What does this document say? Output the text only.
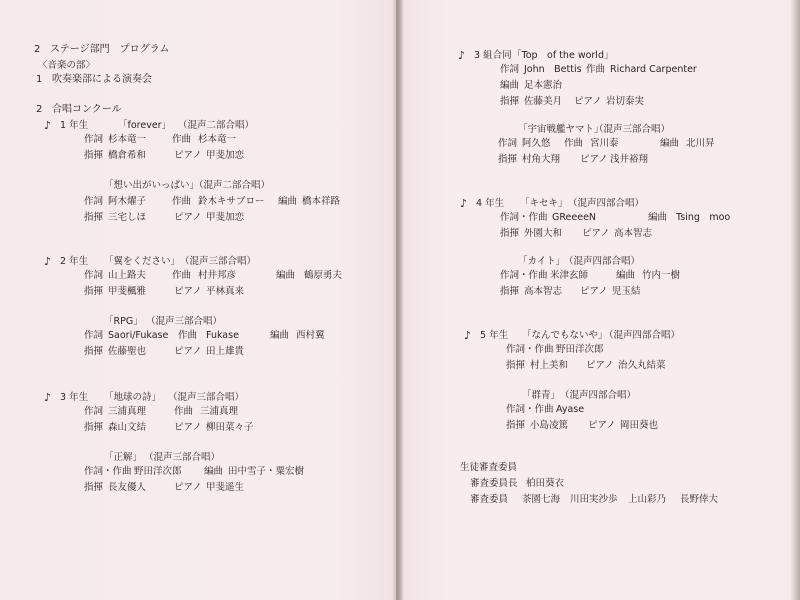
2 ステージ部門　プログラム
〈音楽の部〉
1 吹奏楽部による演奏会
2 合唱コンクール
♪ 1 年生	「forever」 （混声二部合唱）
作詞 杉本竜一	作曲 杉本竜一
指揮 橋倉希和	ピアノ 甲斐加恋
「想い出がいっぱい」
（混声二部合唱）
作詞 阿木燿子	作曲 鈴木キサブロー 編曲 橋本祥路
指揮 三宅しほ	ピアノ 甲斐加恋
♪ 2 年生 「翼をください」 （混声三部合唱）
作詞 山上路夫	作曲 村井邦彦	編曲 鶴原勇夫
指揮 甲斐楓雅	ピアノ 平林真来
「RPG」 （混声三部合唱）
作詞 Saori/Fukase 作曲 Fukase	編曲 西村翼
指揮 佐藤聖也	ピアノ 田上雄貴
♪ 3 年生 「地球の詩」 （混声三部合唱）
作詞 三浦真理	作曲 三浦真理
指揮 森山文結	ピアノ 柳田菜々子
「正解」 （混声三部合唱）
作詞・作曲 野田洋次郎 編曲 田中雪子・粟宏樹
指揮 長友優人	ピアノ 甲斐遥生
♪ 3 組合同 「Top　of the world」
作詞 John　Bettis 作曲 Richard Carpenter
編曲 足本憲治
指揮 佐藤美月 ピアノ 岩切泰実
「宇宙戦艦ヤマト」
（混声三部合唱）
作詞 阿久悠 作曲 宮川泰	編曲 北川昇
指揮 村角大翔 ピアノ 浅井裕翔
♪ 4 年生 「キセキ」 （混声四部合唱）
作詞・作曲 GReeeeN	編曲 Tsing　moo
指揮 外園大和 ピアノ 高本智志
「カイト」
（混声四部合唱）
作詞・作曲 米津玄師	編曲 竹内一樹
指揮 高本智志 ピアノ 児玉結
♪ 5 年生 「なんでもないや」
（混声四部合唱）
作詞・作曲 野田洋次郎
指揮 村上美和 ピアノ 治久丸結菜
「群青」 （混声四部合唱）
作詞・作曲 Ayase
指揮 小島凌篤 ピアノ 岡田葵也
生徒審査委員
審査委員長 柏田葵衣
審査委員 茶園七海 川田実沙歩 上山彩乃 長野倖大
